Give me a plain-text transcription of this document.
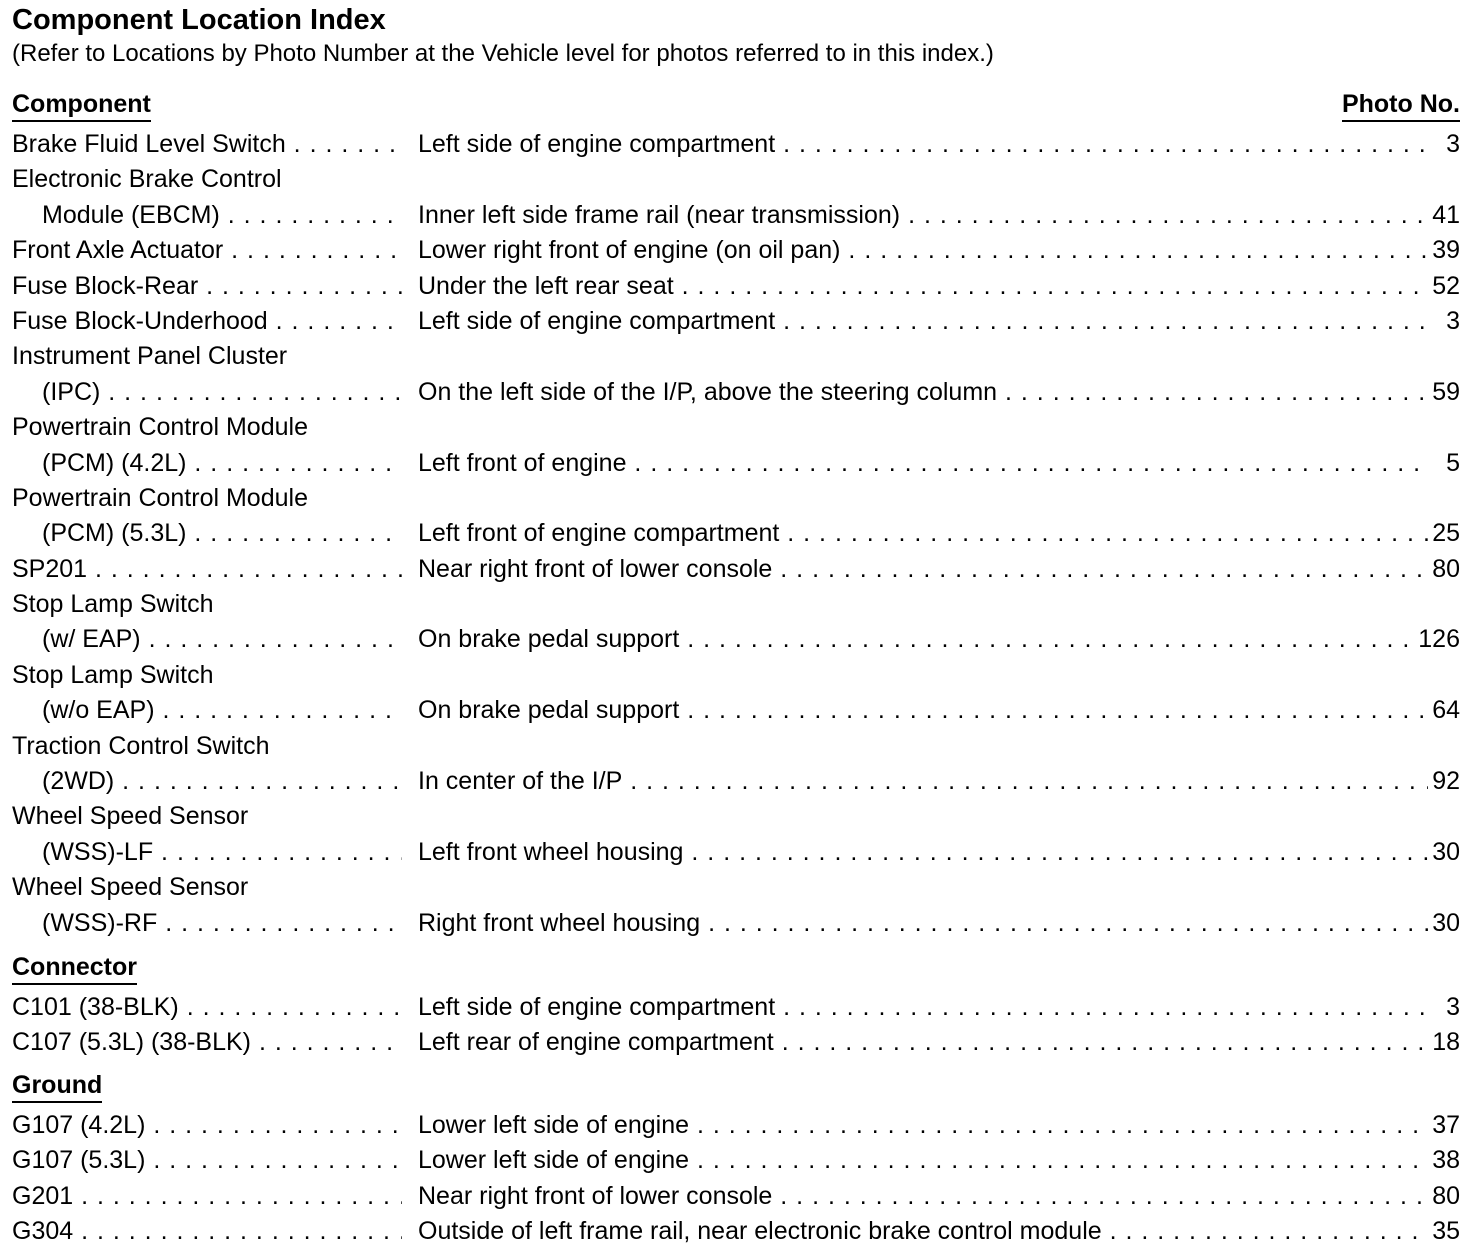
Component Location Index
(Refer to Locations by Photo Number at the Vehicle level for photos referred to in this index.)
Component	Photo No.
Brake Fluid Level Switch . . .	Left side of engine compartment . . .	3
Electronic Brake Control
Module (EBCM) . . .	Inner left side frame rail (near transmission) . . .	41
Front Axle Actuator . . .	Lower right front of engine (on oil pan) . . .	39
Fuse Block-Rear . . .	Under the left rear seat . . .	52
Fuse Block-Underhood . . .	Left side of engine compartment . . .	3
Instrument Panel Cluster
(IPC) . . .	On the left side of the I/P, above the steering column . . .	59
Powertrain Control Module
(PCM) (4.2L) . . .	Left front of engine . . .	5
Powertrain Control Module
(PCM) (5.3L) . . .	Left front of engine compartment . . .	25
SP201 . . .	Near right front of lower console . . .	80
Stop Lamp Switch
(w/ EAP) . . .	On brake pedal support . . .	126
Stop Lamp Switch
(w/o EAP) . . .	On brake pedal support . . .	64
Traction Control Switch
(2WD) . . .	In center of the I/P . . .	92
Wheel Speed Sensor
(WSS)-LF . . .	Left front wheel housing . . .	30
Wheel Speed Sensor
(WSS)-RF . . .	Right front wheel housing . . .	30
Connector
C101 (38-BLK) . . .	Left side of engine compartment . . .	3
C107 (5.3L) (38-BLK) . . .	Left rear of engine compartment . . .	18
Ground
G107 (4.2L) . . .	Lower left side of engine . . .	37
G107 (5.3L) . . .	Lower left side of engine . . .	38
G201 . . .	Near right front of lower console . . .	80
G304 . . .	Outside of left frame rail, near electronic brake control module . . .	35
